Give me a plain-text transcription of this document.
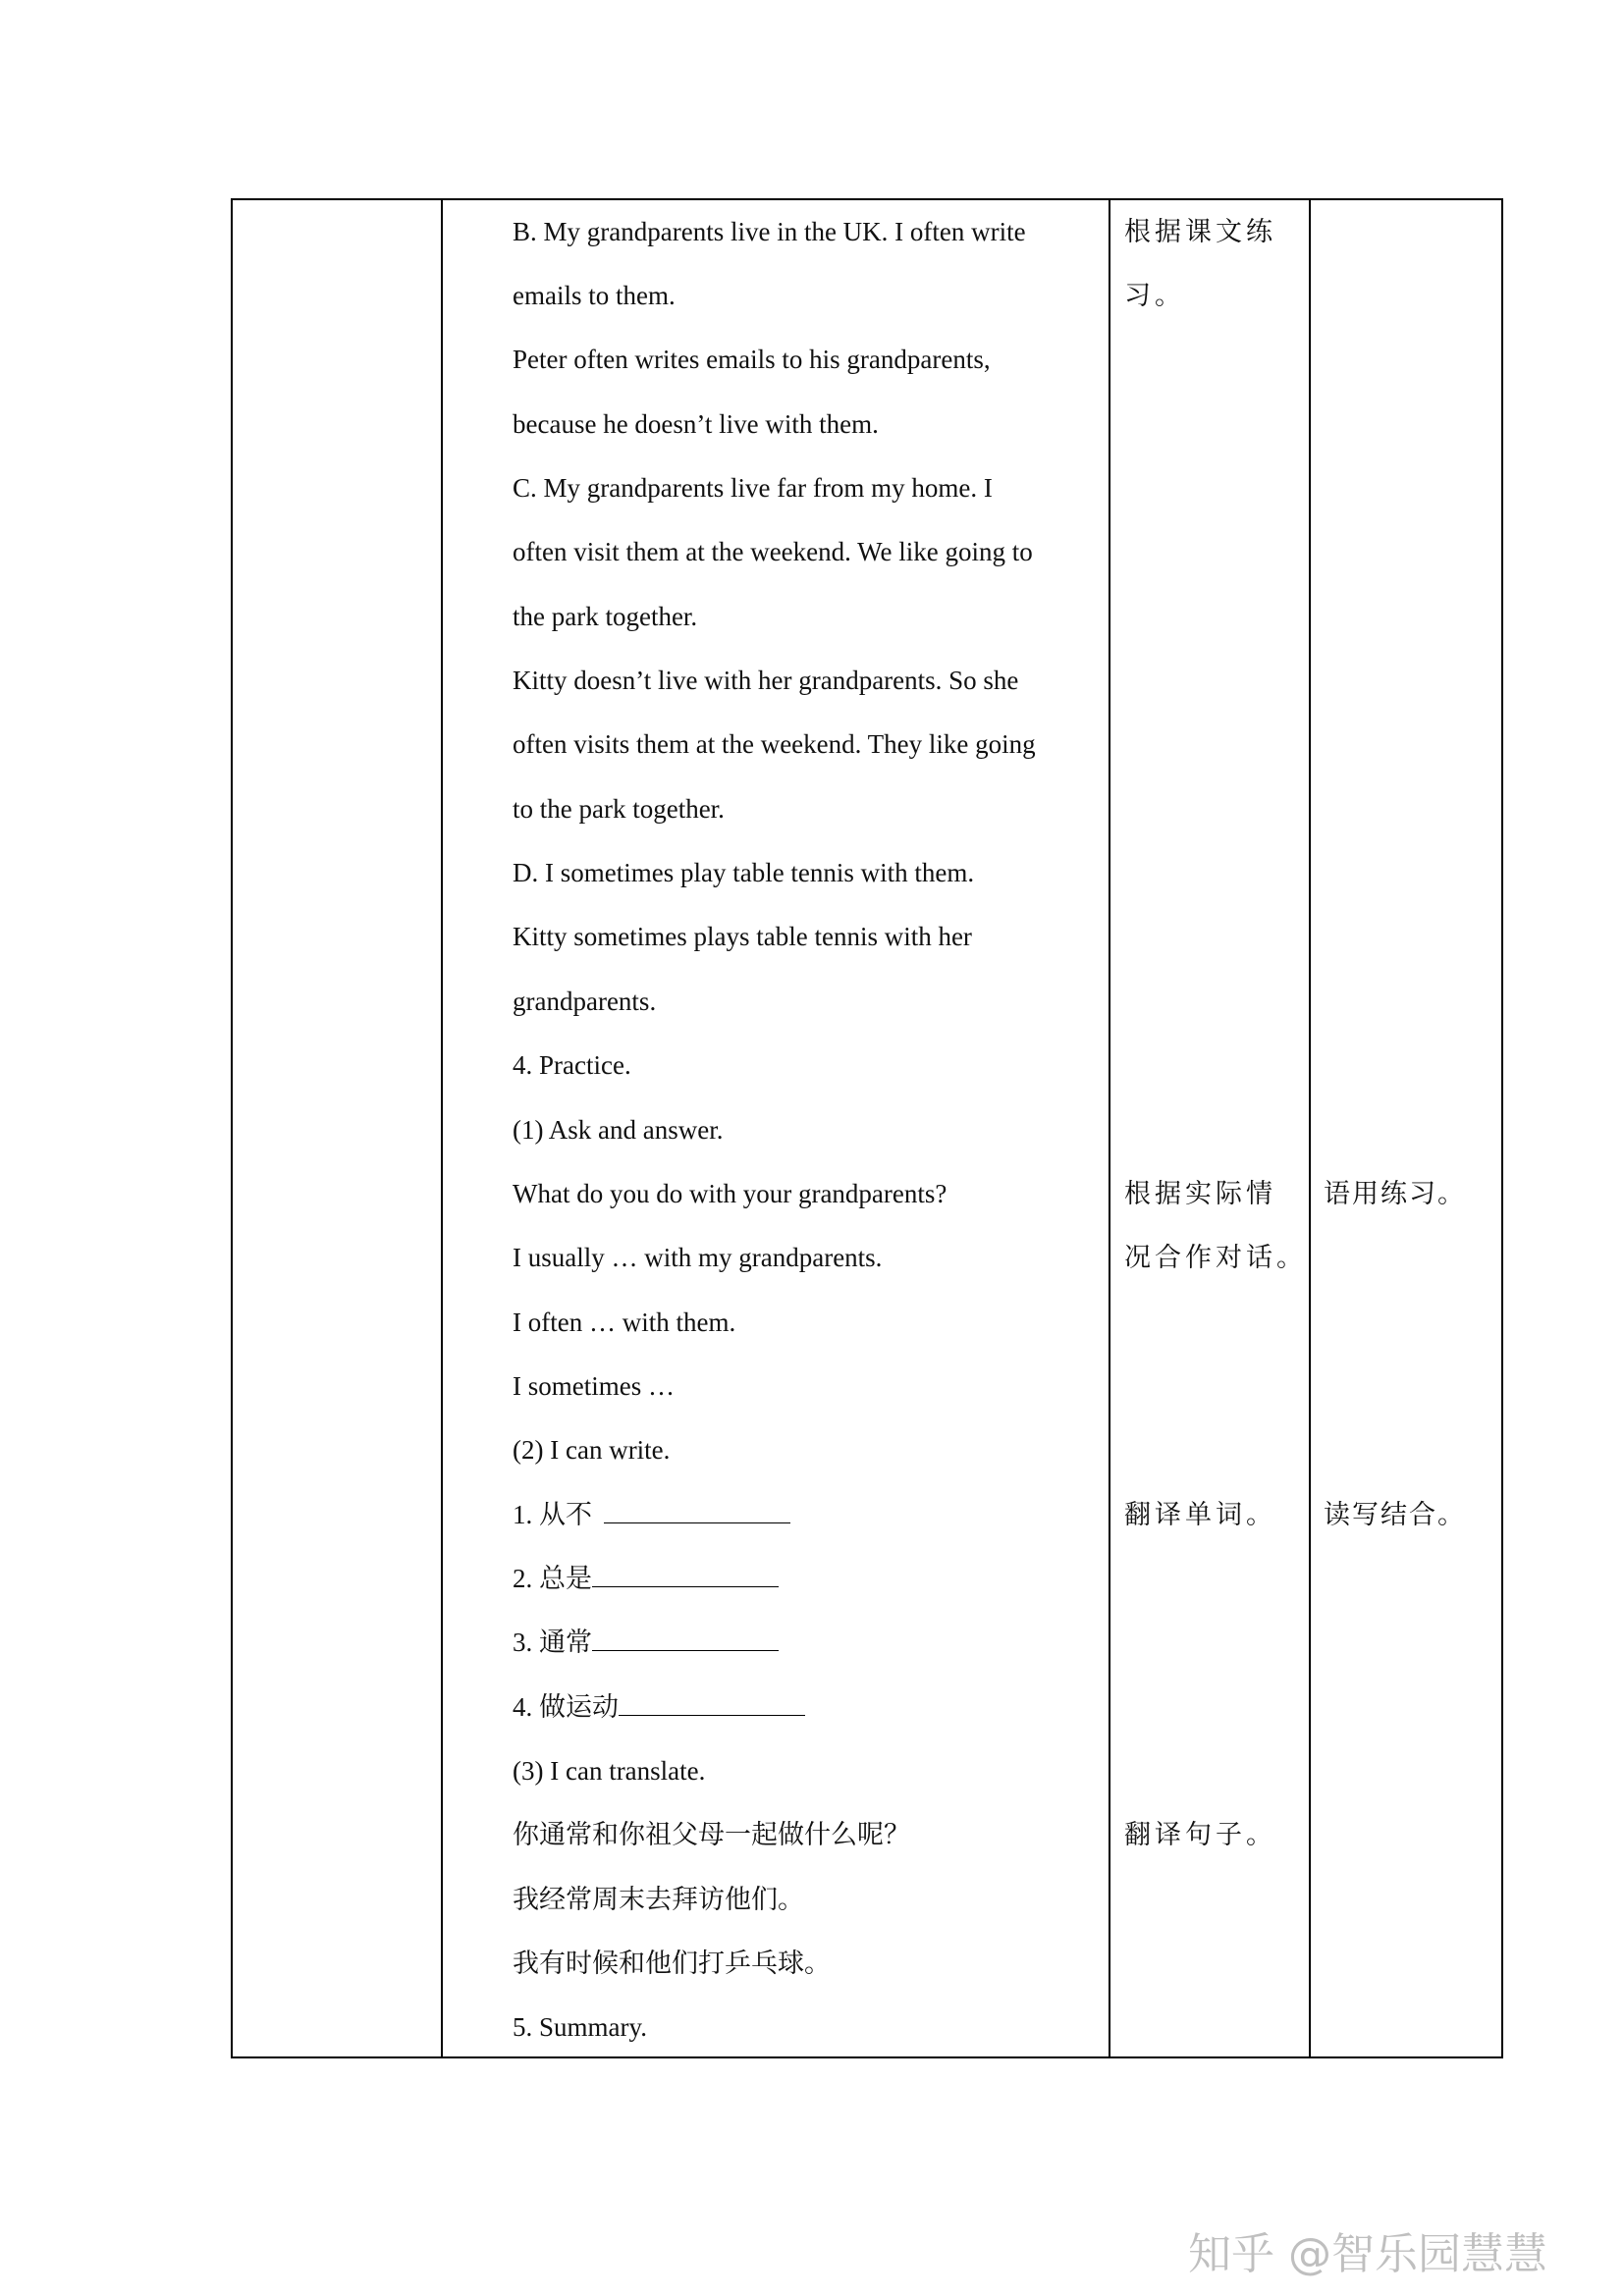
B. My grandparents live in the UK. I often write
emails to them.
Peter often writes emails to his grandparents,
because he doesn’t live with them.
C. My grandparents live far from my home. I
often visit them at the weekend. We like going to
the park together.
Kitty doesn’t live with her grandparents. So she
often visits them at the weekend. They like going
to the park together.
D. I sometimes play table tennis with them.
Kitty sometimes plays table tennis with her
grandparents.
4. Practice.
(1) Ask and answer.
What do you do with your grandparents?
I usually … with my grandparents.
I often … with them.
I sometimes …
(2) I can write.
1. 从不
2. 总是
3. 通常
4. 做运动
(3) I can translate.
你通常和你祖父母一起做什么呢？
我经常周末去拜访他们。
我有时候和他们打乒乓球。
5. Summary.
根据课文练
习。
根据实际情
况合作对话。
翻译单词。
翻译句子。
语用练习。
读写结合。
知乎 @智乐园慧慧
